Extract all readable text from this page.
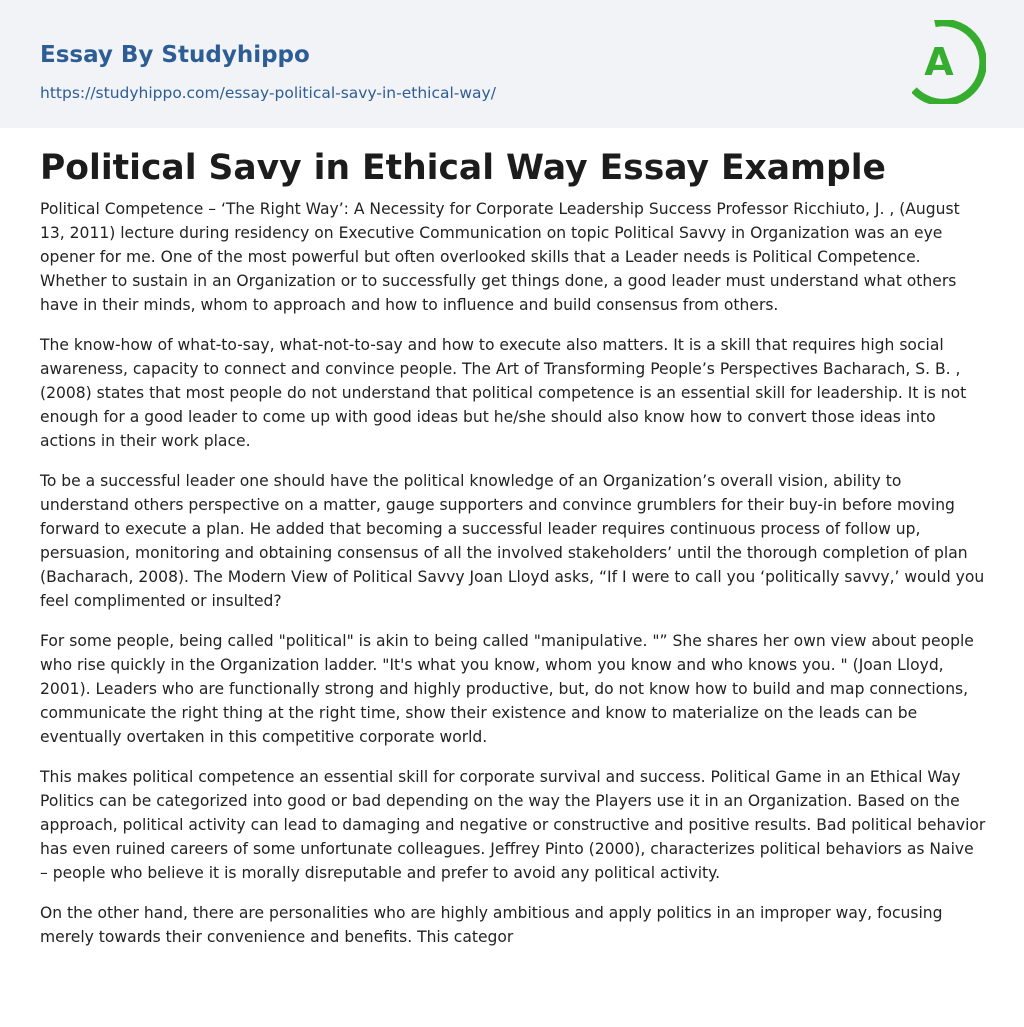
Essay By Studyhippo
https://studyhippo.com/essay-political-savy-in-ethical-way/
A
Political Savy in Ethical Way Essay Example

Political Competence – ‘The Right Way’: A Necessity for Corporate Leadership Success Professor Ricchiuto, J. , (August 13, 2011) lecture during residency on Executive Communication on topic Political Savvy in Organization was an eye opener for me. One of the most powerful but often overlooked skills that a Leader needs is Political Competence. Whether to sustain in an Organization or to successfully get things done, a good leader must understand what others have in their minds, whom to approach and how to influence and build consensus from others.

The know-how of what-to-say, what-not-to-say and how to execute also matters. It is a skill that requires high social awareness, capacity to connect and convince people. The Art of Transforming People’s Perspectives Bacharach, S. B. , (2008) states that most people do not understand that political competence is an essential skill for leadership. It is not enough for a good leader to come up with good ideas but he/she should also know how to convert those ideas into actions in their work place.

To be a successful leader one should have the political knowledge of an Organization’s overall vision, ability to understand others perspective on a matter, gauge supporters and convince grumblers for their buy-in before moving forward to execute a plan. He added that becoming a successful leader requires continuous process of follow up, persuasion, monitoring and obtaining consensus of all the involved stakeholders’ until the thorough completion of plan (Bacharach, 2008). The Modern View of Political Savvy Joan Lloyd asks, “If I were to call you ‘politically savvy,’ would you feel complimented or insulted?

For some people, being called "political" is akin to being called "manipulative. "” She shares her own view about people who rise quickly in the Organization ladder. "It's what you know, whom you know and who knows you. " (Joan Lloyd, 2001). Leaders who are functionally strong and highly productive, but, do not know how to build and map connections, communicate the right thing at the right time, show their existence and know to materialize on the leads can be eventually overtaken in this competitive corporate world.

This makes political competence an essential skill for corporate survival and success. Political Game in an Ethical Way Politics can be categorized into good or bad depending on the way the Players use it in an Organization. Based on the approach, political activity can lead to damaging and negative or constructive and positive results. Bad political behavior has even ruined careers of some unfortunate colleagues. Jeffrey Pinto (2000), characterizes political behaviors as Naive – people who believe it is morally disreputable and prefer to avoid any political activity.

On the other hand, there are personalities who are highly ambitious and apply politics in an improper way, focusing merely towards their convenience and benefits. This categor
